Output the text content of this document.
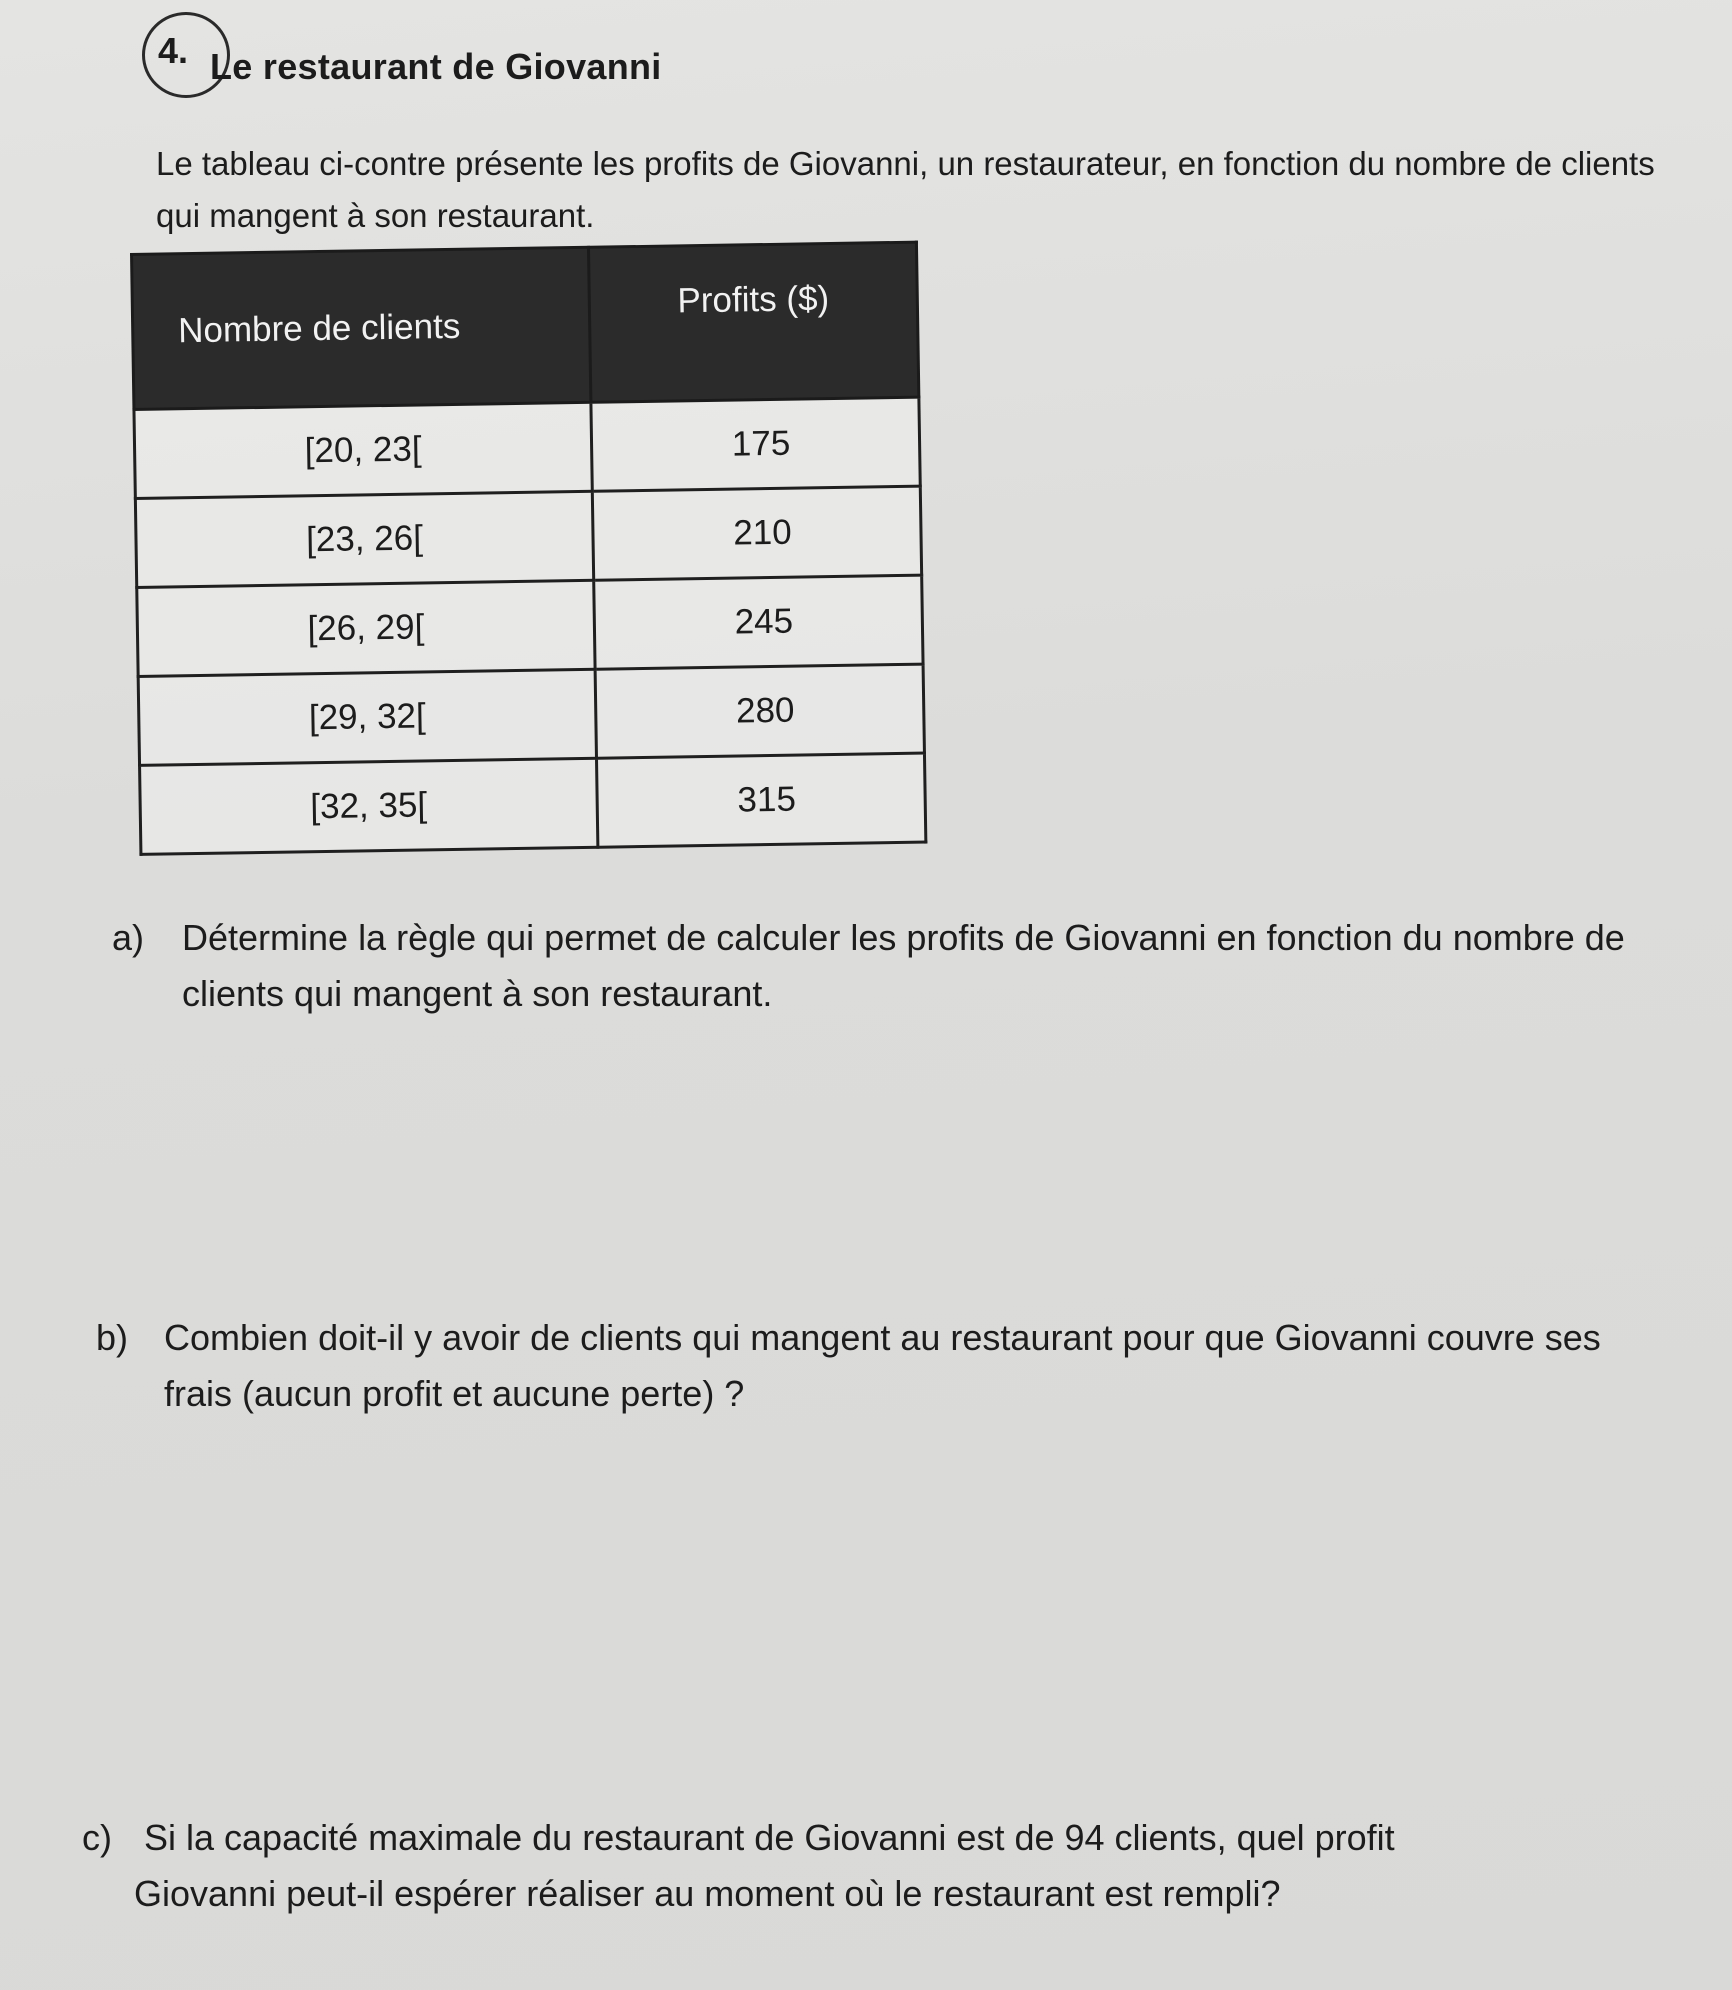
4. Le restaurant de Giovanni
Le tableau ci-contre présente les profits de Giovanni, un restaurateur, en fonction du nombre de clients qui mangent à son restaurant.
Nombre de clients	Profits ($)
[20, 23[	175
[23, 26[	210
[26, 29[	245
[29, 32[	280
[32, 35[	315
a)	Détermine la règle qui permet de calculer les profits de Giovanni en fonction du nombre de clients qui mangent à son restaurant.
b) Combien doit-il y avoir de clients qui mangent au restaurant pour que Giovanni couvre ses frais (aucun profit et aucune perte) ?
c) Si la capacité maximale du restaurant de Giovanni est de 94 clients, quel profit
Giovanni peut-il espérer réaliser au moment où le restaurant est rempli?
